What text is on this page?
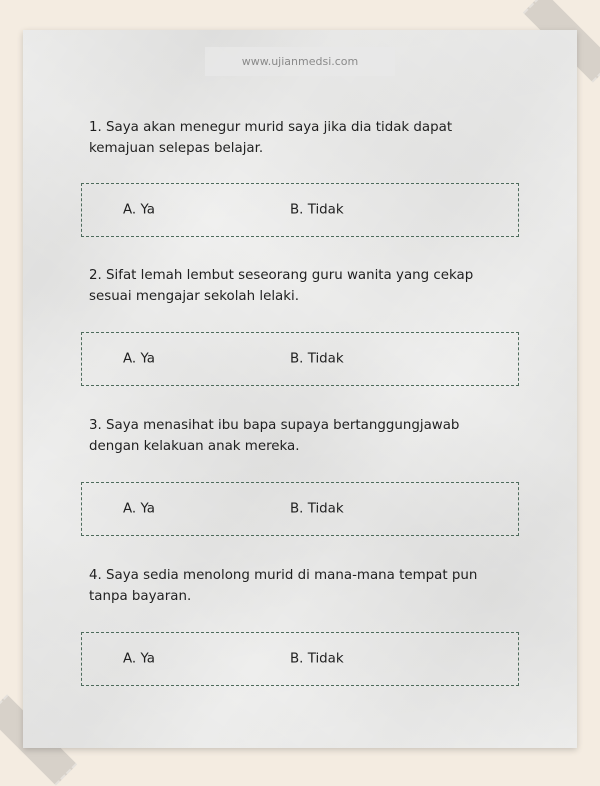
www.ujianmedsi.com
1. Saya akan menegur murid saya jika dia tidak dapat kemajuan selepas belajar.
A. Ya	B. Tidak
2. Sifat lemah lembut seseorang guru wanita yang cekap sesuai mengajar sekolah lelaki.
A. Ya	B. Tidak
3. Saya menasihat ibu bapa supaya bertanggungjawab dengan kelakuan anak mereka.
A. Ya	B. Tidak
4. Saya sedia menolong murid di mana-mana tempat pun tanpa bayaran.
A. Ya	B. Tidak
